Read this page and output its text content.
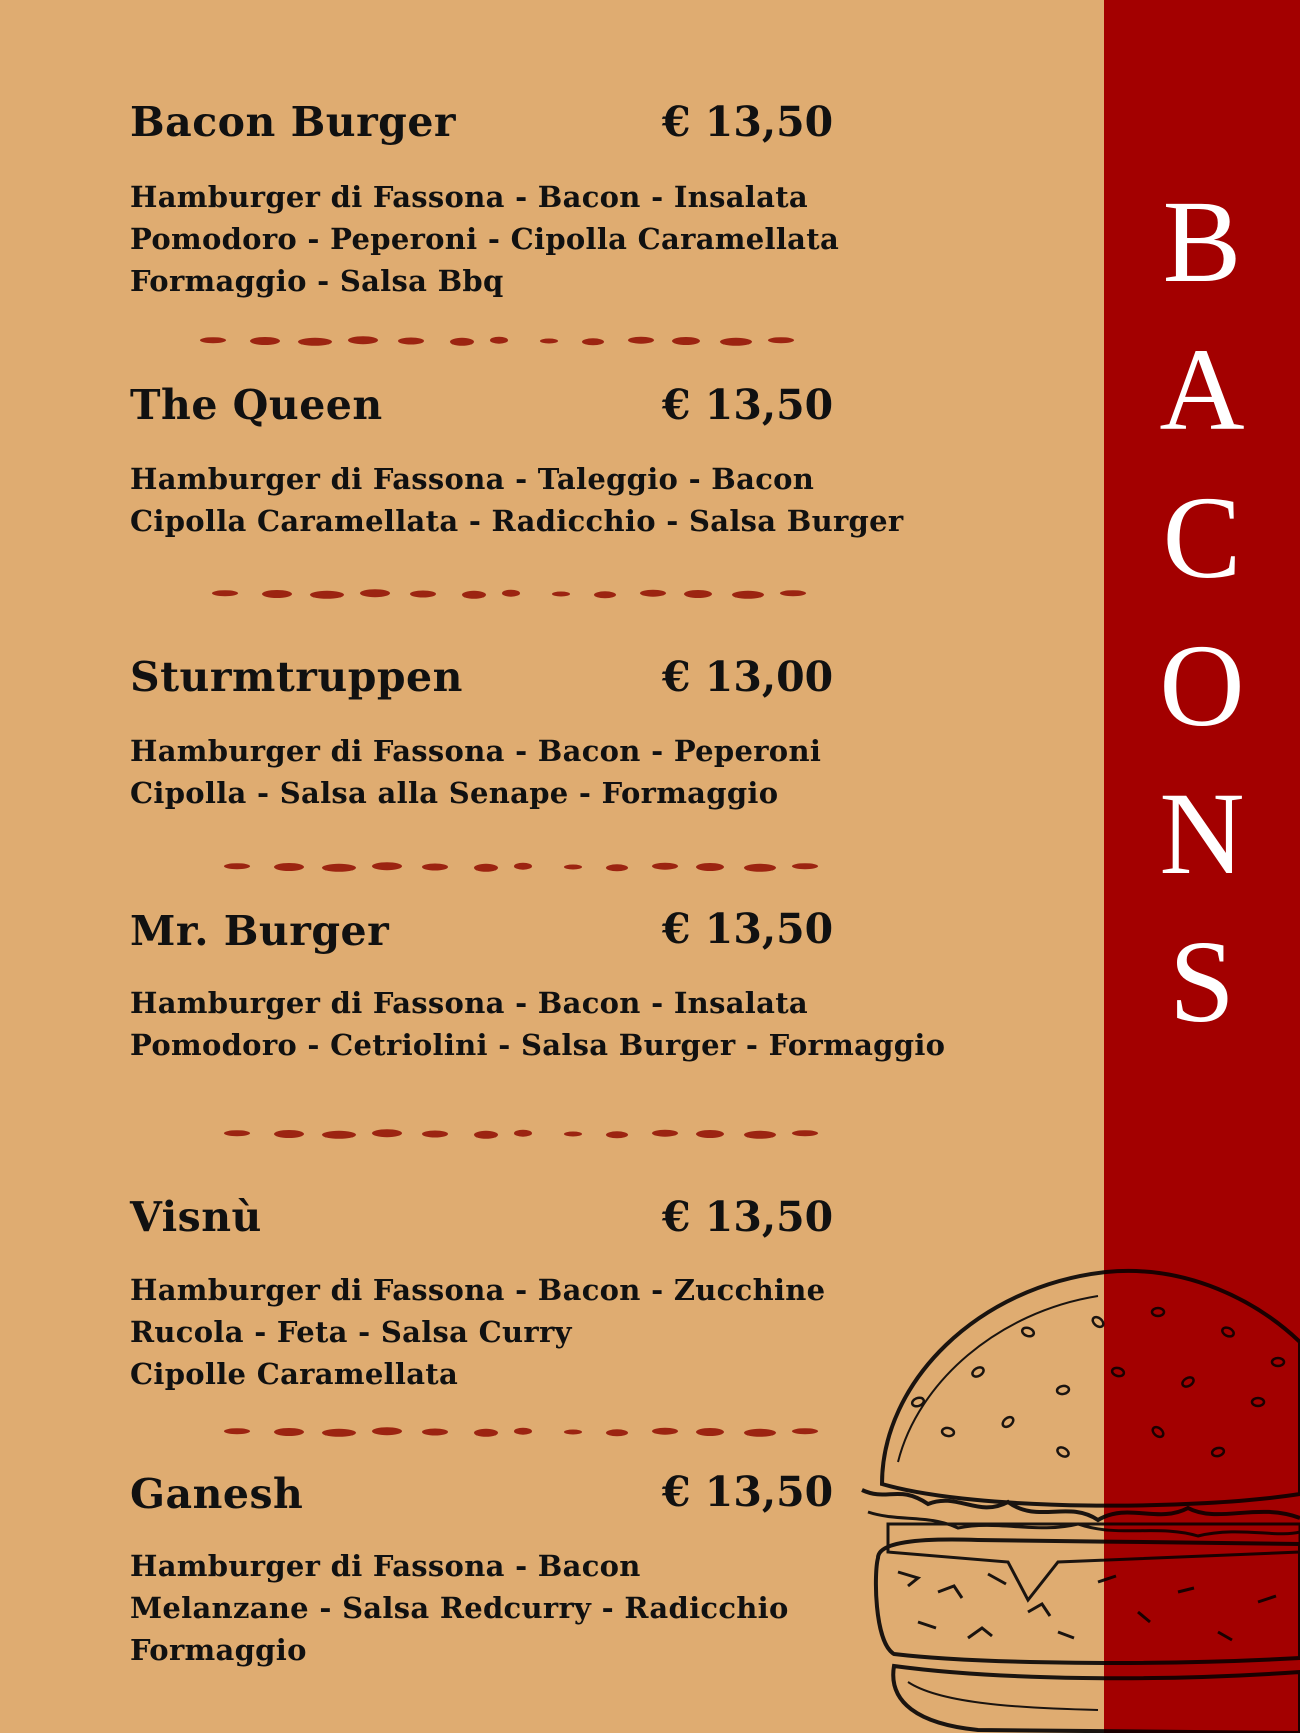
B
A
C
O
N
S
Bacon Burger	€ 13,50
Hamburger di Fassona - Bacon - Insalata
Pomodoro - Peperoni - Cipolla Caramellata
Formaggio - Salsa Bbq
The Queen	€ 13,50
Hamburger di Fassona - Taleggio - Bacon
Cipolla Caramellata - Radicchio - Salsa Burger
Sturmtruppen	€ 13,00
Hamburger di Fassona - Bacon - Peperoni
Cipolla - Salsa alla Senape - Formaggio
Mr. Burger	€ 13,50
Hamburger di Fassona - Bacon - Insalata
Pomodoro - Cetriolini - Salsa Burger - Formaggio
Visnù	€ 13,50
Hamburger di Fassona - Bacon - Zucchine
Rucola - Feta - Salsa Curry
Cipolle Caramellata
Ganesh	€ 13,50
Hamburger di Fassona - Bacon
Melanzane - Salsa Redcurry - Radicchio
Formaggio
